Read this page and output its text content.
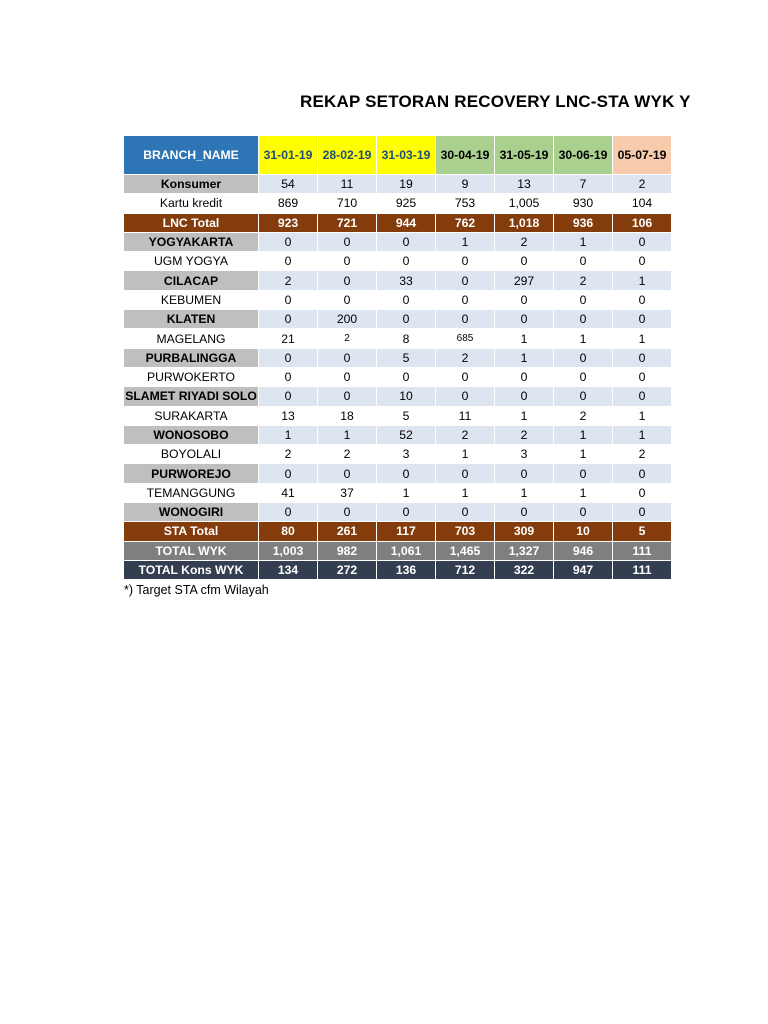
REKAP SETORAN RECOVERY LNC-STA WYK Y
BRANCH_NAME	31-01-19	28-02-19	31-03-19	30-04-19	31-05-19	30-06-19	05-07-19
Konsumer	54	11	19	9	13	7	2
Kartu kredit	869	710	925	753	1,005	930	104
LNC Total	923	721	944	762	1,018	936	106
YOGYAKARTA	0	0	0	1	2	1	0
UGM YOGYA	0	0	0	0	0	0	0
CILACAP	2	0	33	0	297	2	1
KEBUMEN	0	0	0	0	0	0	0
KLATEN	0	200	0	0	0	0	0
MAGELANG	21	2	8	685	1	1	1
PURBALINGGA	0	0	5	2	1	0	0
PURWOKERTO	0	0	0	0	0	0	0
SLAMET RIYADI SOLO	0	0	10	0	0	0	0
SURAKARTA	13	18	5	11	1	2	1
WONOSOBO	1	1	52	2	2	1	1
BOYOLALI	2	2	3	1	3	1	2
PURWOREJO	0	0	0	0	0	0	0
TEMANGGUNG	41	37	1	1	1	1	0
WONOGIRI	0	0	0	0	0	0	0
STA Total	80	261	117	703	309	10	5
TOTAL WYK	1,003	982	1,061	1,465	1,327	946	111
TOTAL Kons WYK	134	272	136	712	322	947	111
*) Target STA cfm Wilayah
